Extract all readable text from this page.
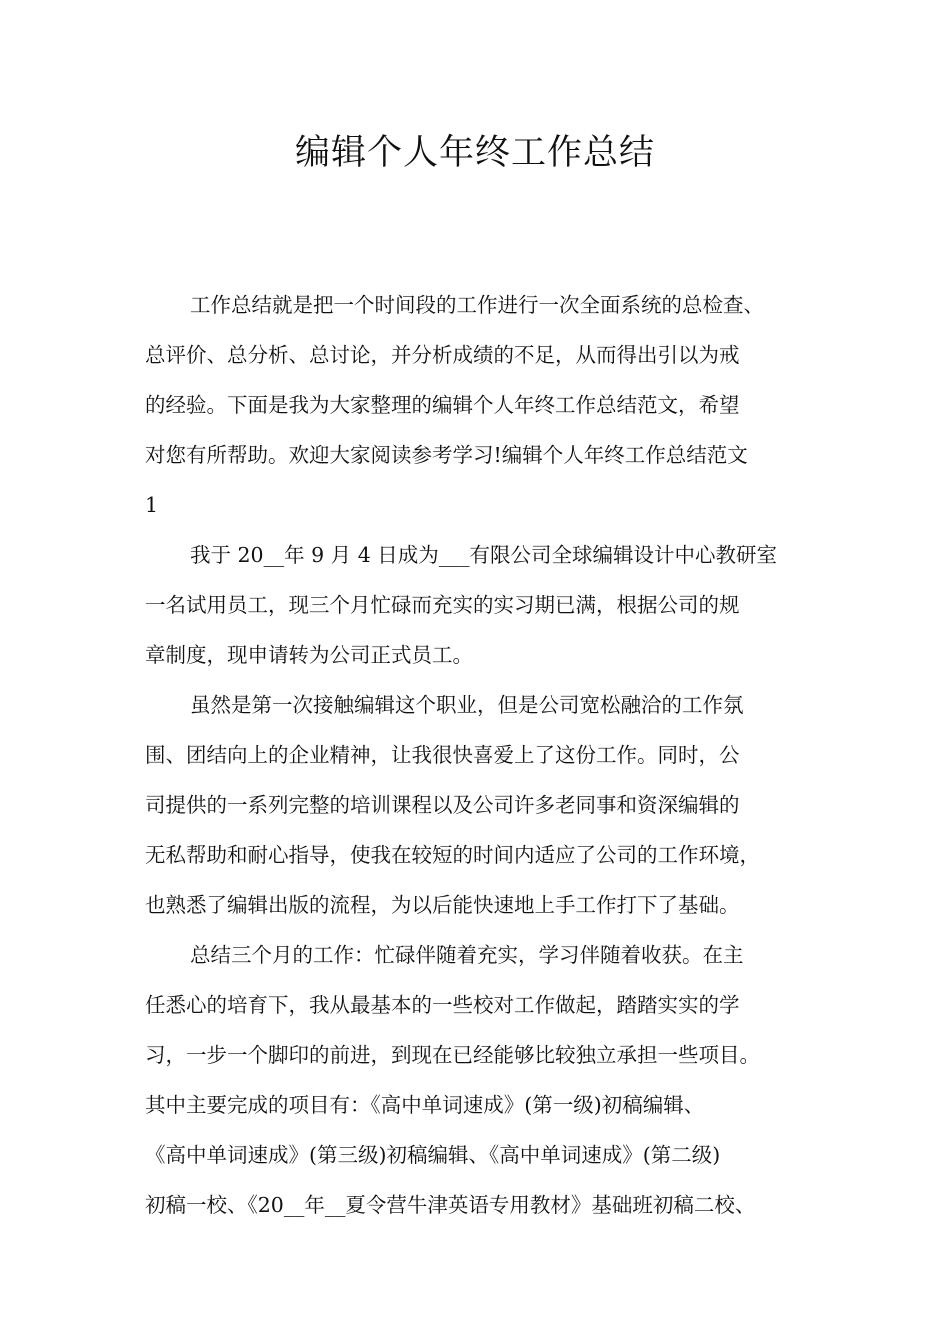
编辑个人年终工作总结
工作总结就是把一个时间段的工作进行一次全面系统的总检查、
总评价、总分析、总讨论，并分析成绩的不足，从而得出引以为戒
的经验。下面是我为大家整理的编辑个人年终工作总结范文，希望
对您有所帮助。欢迎大家阅读参考学习!编辑个人年终工作总结范文
1
我于 20__年 9 月 4 日成为___有限公司全球编辑设计中心教研室
一名试用员工，现三个月忙碌而充实的实习期已满，根据公司的规
章制度，现申请转为公司正式员工。
虽然是第一次接触编辑这个职业，但是公司宽松融洽的工作氛
围、团结向上的企业精神，让我很快喜爱上了这份工作。同时，公
司提供的一系列完整的培训课程以及公司许多老同事和资深编辑的
无私帮助和耐心指导，使我在较短的时间内适应了公司的工作环境，
也熟悉了编辑出版的流程，为以后能快速地上手工作打下了基础。
总结三个月的工作：忙碌伴随着充实，学习伴随着收获。在主
任悉心的培育下，我从最基本的一些校对工作做起，踏踏实实的学
习，一步一个脚印的前进，到现在已经能够比较独立承担一些项目。
其中主要完成的项目有：《高中单词速成》(第一级)初稿编辑、
《高中单词速成》(第三级)初稿编辑、《高中单词速成》(第二级)
初稿一校、《20__年__夏令营牛津英语专用教材》基础班初稿二校、
